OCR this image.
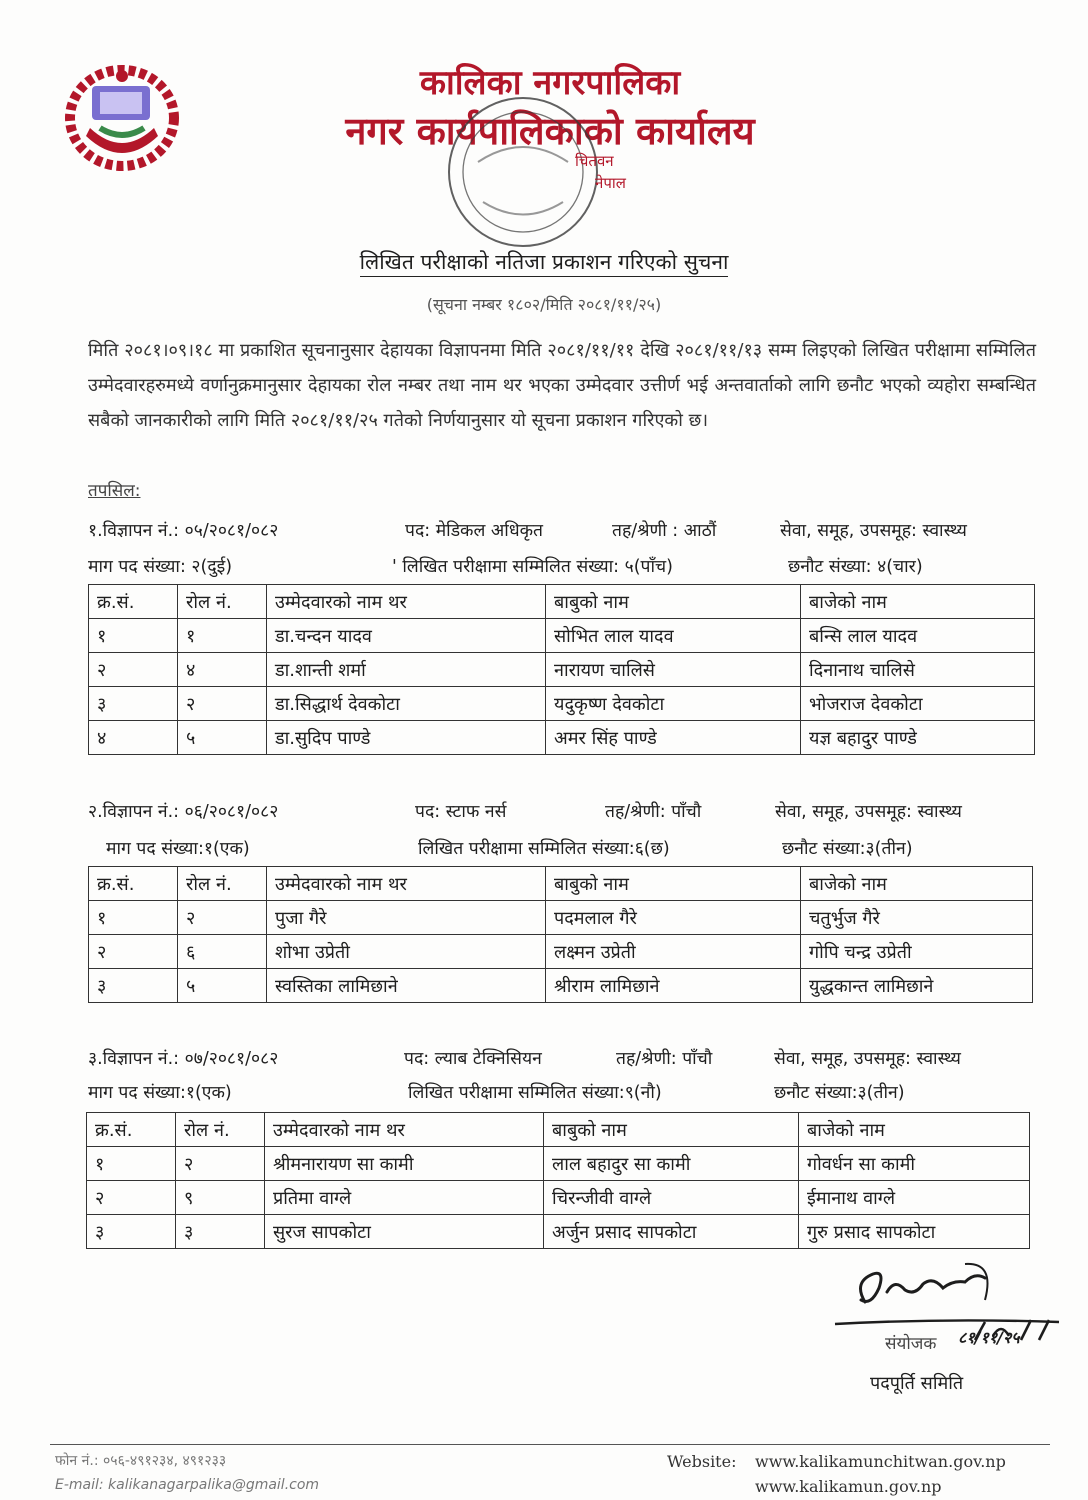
कालिका नगरपालिका
नगर कार्यपालिकाको कार्यालय
चितवन
नेपाल
लिखित परीक्षाको नतिजा प्रकाशन गरिएको सुचना
(सूचना नम्बर १८०२/मिति २०८१/११/२५)
मिति २०८१।०९।१८ मा प्रकाशित सूचनानुसार देहायका विज्ञापनमा मिति २०८१/११/११ देखि २०८१/११/१३ सम्म लिइएको लिखित परीक्षामा सम्मिलित उम्मेदवारहरुमध्ये वर्णानुक्रमानुसार देहायका रोल नम्बर तथा नाम थर भएका उम्मेदवार उत्तीर्ण भई अन्तवार्ताको लागि छनौट भएको व्यहोरा सम्बन्धित सबैको जानकारीको लागि मिति २०८१/११/२५ गतेको निर्णयानुसार यो सूचना प्रकाशन गरिएको छ।
तपसिल:
१.विज्ञापन नं.: ०५/२०८१/०८२	पद: मेडिकल अधिकृत	तह/श्रेणी : आठौं	सेवा, समूह, उपसमूह: स्वास्थ्य
माग पद संख्या: २(दुई)	' लिखित परीक्षामा सम्मिलित संख्या: ५(पाँच)	छनौट संख्या: ४(चार)
क्र.सं.	रोल नं.	उम्मेदवारको नाम थर	बाबुको नाम	बाजेको नाम
१	१	डा.चन्दन यादव	सोभित लाल यादव	बन्सि लाल यादव
२	४	डा.शान्ती शर्मा	नारायण चालिसे	दिनानाथ चालिसे
३	२	डा.सिद्धार्थ देवकोटा	यदुकृष्ण देवकोटा	भोजराज देवकोटा
४	५	डा.सुदिप पाण्डे	अमर सिंह पाण्डे	यज्ञ बहादुर पाण्डे
२.विज्ञापन नं.: ०६/२०८१/०८२	पद: स्टाफ नर्स	तह/श्रेणी: पाँचौ	सेवा, समूह, उपसमूह: स्वास्थ्य
माग पद संख्या:१(एक)	लिखित परीक्षामा सम्मिलित संख्या:६(छ)	छनौट संख्या:३(तीन)
क्र.सं.	रोल नं.	उम्मेदवारको नाम थर	बाबुको नाम	बाजेको नाम
१	२	पुजा गैरे	पदमलाल गैरे	चतुर्भुज गैरे
२	६	शोभा उप्रेती	लक्ष्मन उप्रेती	गोपि चन्द्र उप्रेती
३	५	स्वस्तिका लामिछाने	श्रीराम लामिछाने	युद्धकान्त लामिछाने
३.विज्ञापन नं.: ०७/२०८१/०८२	पद: ल्याब टेक्निसियन	तह/श्रेणी: पाँचौ	सेवा, समूह, उपसमूह: स्वास्थ्य
माग पद संख्या:१(एक)	लिखित परीक्षामा सम्मिलित संख्या:९(नौ)	छनौट संख्या:३(तीन)
क्र.सं.	रोल नं.	उम्मेदवारको नाम थर	बाबुको नाम	बाजेको नाम
१	२	श्रीमनारायण सा कामी	लाल बहादुर सा कामी	गोवर्धन सा कामी
२	९	प्रतिमा वाग्ले	चिरन्जीवी वाग्ले	ईमानाथ वाग्ले
३	३	सुरज सापकोटा	अर्जुन प्रसाद सापकोटा	गुरु प्रसाद सापकोटा
संयोजक ८१/११/२५
पदपूर्ति समिति
फोन नं.: ०५६-४९१२३४, ४९१२३३
E-mail: kalikanagarpalika@gmail.com
Website: www.kalikamunchitwan.gov.np
www.kalikamun.gov.np
